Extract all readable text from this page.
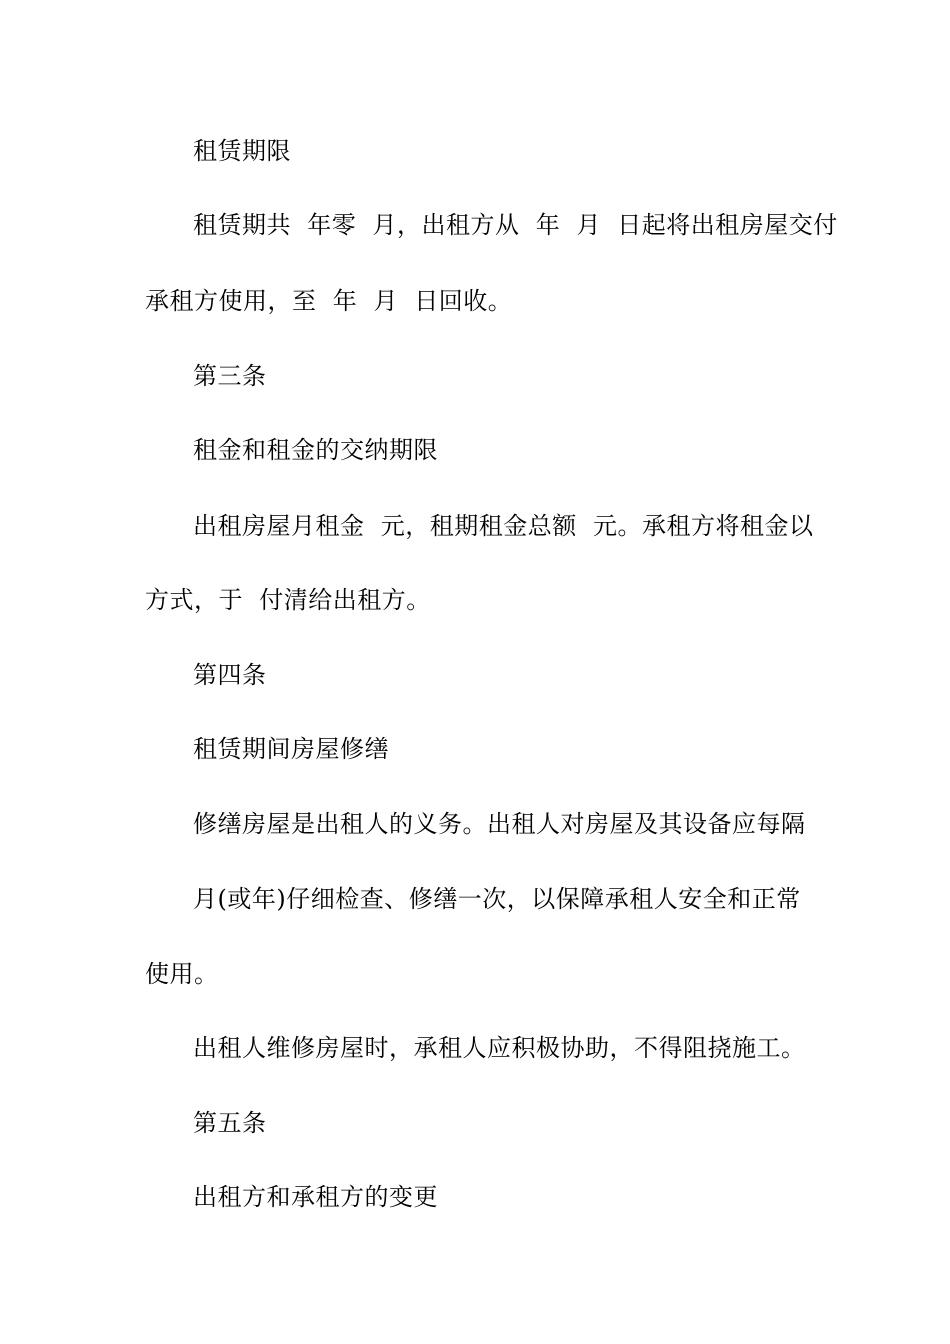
租赁期限
租赁期共  年零  月，出租方从  年  月  日起将出租房屋交付
承租方使用，至  年  月  日回收。
第三条
租金和租金的交纳期限
出租房屋月租金  元，租期租金总额  元。承租方将租金以
方式，于  付清给出租方。
第四条
租赁期间房屋修缮
修缮房屋是出租人的义务。出租人对房屋及其设备应每隔
月(或年)仔细检查、修缮一次，以保障承租人安全和正常
使用。
出租人维修房屋时，承租人应积极协助，不得阻挠施工。
第五条
出租方和承租方的变更
